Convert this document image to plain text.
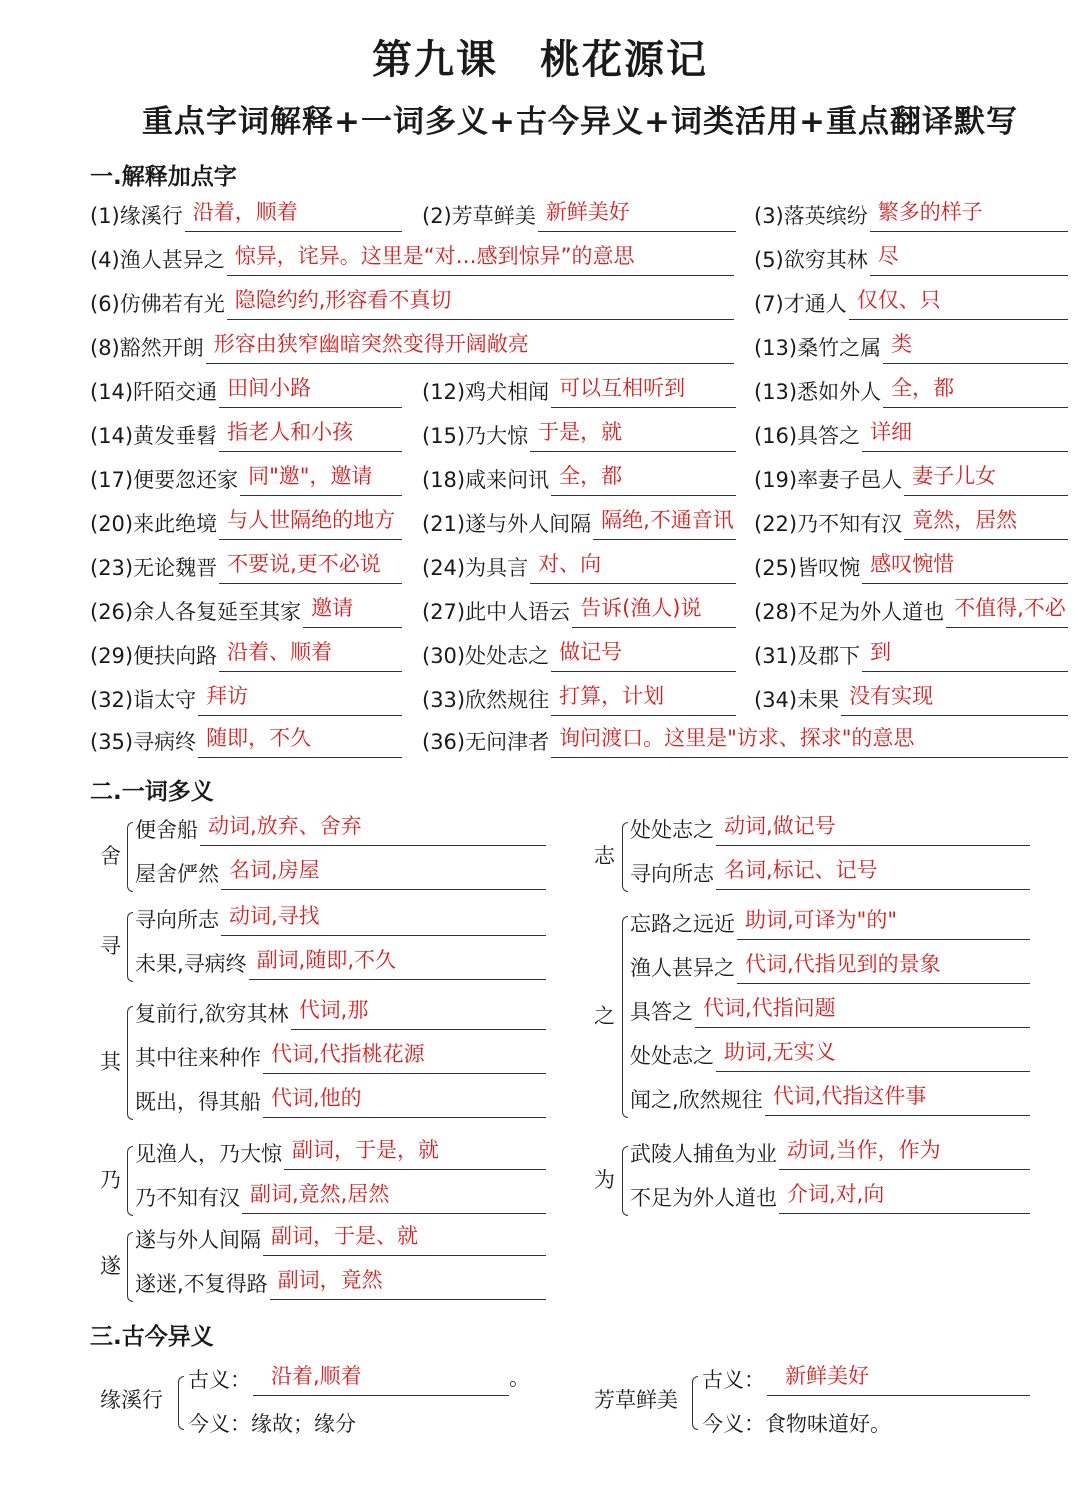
第九课　桃花源记
重点字词解释+一词多义+古今异义+词类活用+重点翻译默写
一.解释加点字
(1)缘溪行 沿着，顺着	(2)芳草鲜美 新鲜美好	(3)落英缤纷 繁多的样子
(4)渔人甚异之 惊异，诧异。这里是“对…感到惊异”的意思	(5)欲穷其林 尽
(6)仿佛若有光 隐隐约约,形容看不真切	(7)才通人 仅仅、只
(8)豁然开朗 形容由狭窄幽暗突然变得开阔敞亮	(13)桑竹之属 类
(14)阡陌交通 田间小路	(12)鸡犬相闻 可以互相听到	(13)悉如外人 全，都
(14)黄发垂髫 指老人和小孩	(15)乃大惊 于是，就	(16)具答之 详细
(17)便要忽还家 同"邀"，邀请 (18)咸来问讯 全，都	(19)率妻子邑人 妻子儿女
(20)来此绝境 与人世隔绝的地方 (21)遂与外人间隔 隔绝,不通音讯 (22)乃不知有汉 竟然，居然
(23)无论魏晋 不要说,更不必说 (24)为具言 对、向	(25)皆叹惋 感叹惋惜
(26)余人各复延至其家 邀请	(27)此中人语云 告诉(渔人)说	(28)不足为外人道也 不值得,不必
(29)便扶向路 沿着、顺着	(30)处处志之 做记号	(31)及郡下 到
(32)诣太守 拜访	(33)欣然规往 打算，计划	(34)未果 没有实现
(35)寻病终 随即，不久	(36)无问津者 询问渡口。这里是"访求、探求"的意思
二.一词多义
舍
便舍船 动词,放弃、舍弃
屋舍俨然 名词,房屋
寻
寻向所志 动词,寻找
未果,寻病终 副词,随即,不久
其
复前行,欲穷其林 代词,那
其中往来种作 代词,代指桃花源
既出，得其船 代词,他的
乃
见渔人，乃大惊 副词，于是，就
乃不知有汉 副词,竟然,居然
遂
遂与外人间隔 副词，于是、就
遂迷,不复得路 副词，竟然
志
处处志之 动词,做记号
寻向所志 名词,标记、记号
之
忘路之远近 助词,可译为"的"
渔人甚异之 代词,代指见到的景象
具答之 代词,代指问题
处处志之 助词,无实义
闻之,欣然规往 代词,代指这件事
为
武陵人捕鱼为业 动词,当作，作为
不足为外人道也 介词,对,向
三.古今异义
缘溪行
古义： 沿着,顺着	。
今义： 缘故；缘分
芳草鲜美
古义： 新鲜美好
今义： 食物味道好。
